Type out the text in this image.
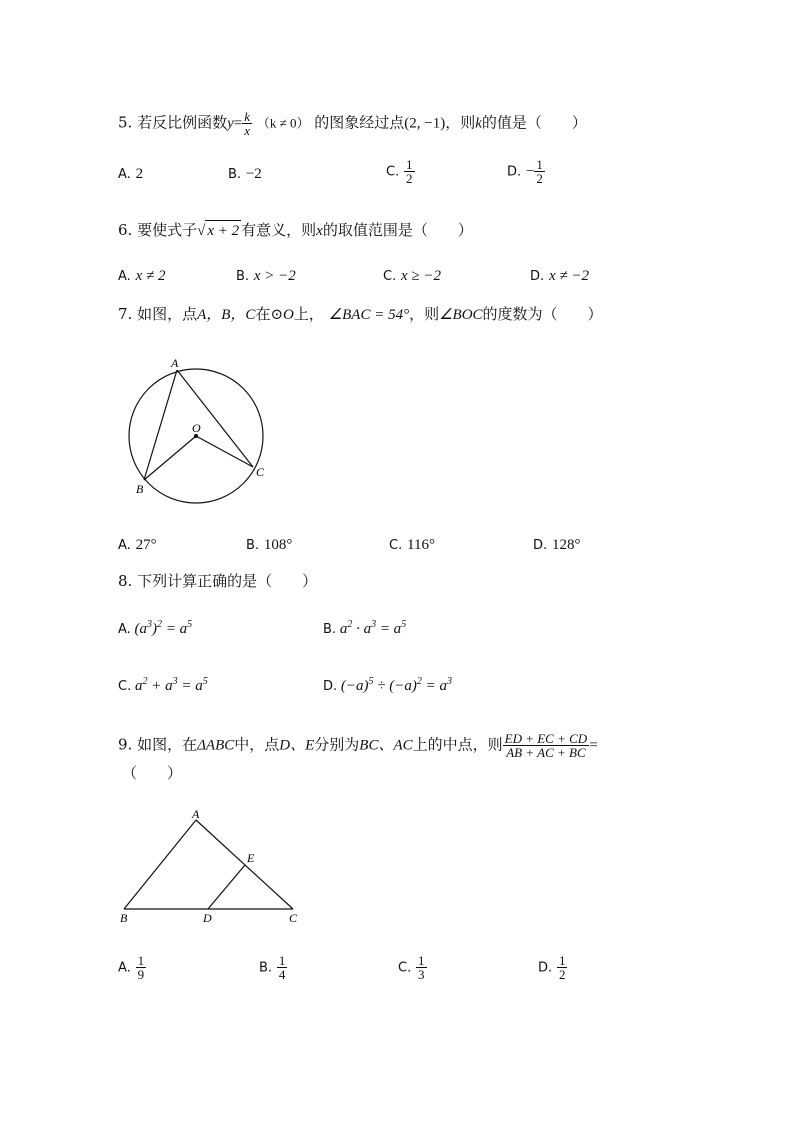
5. 若反比例函数$y= \frac{k}{x} (k \ne 0)$ 的图象经过点(2, −1)，则k的值是（　　）
A. 2	B. −2	C. $\frac{1}{2}$	D. − $\frac{1}{2}$
6. 要使式子√ x + 2 有意义，则x的取值范围是（　　）
A. x ≠ 2	B. x > −2	C. x ≥ −2	D. x ≠ −2
7. 如图，点A，B，C在⊙O上， ∠BAC = 54°，则∠BOC的度数为（　　）
A
O
B
C
A. 27°	B. 108°	C. 116°	D. 128°
8. 下列计算正确的是（　　）
A. $(a^3)^2 = a^5$	B. $a^2 \cdot a^3 = a^5$
C. $a^2 + a^3 = a^5$	D. $(-a)^5 \div (-a)^2 = a^3$
9. 如图，在ΔABC中，点D、E分别为BC、AC上的中点，则 $\frac{ED + EC + CD}{AB + AC + BC}$ =
（　　）
A
E
B	D	C
A. $\frac{1}{9}$	B. $\frac{1}{4}$	C. $\frac{1}{3}$	D. $\frac{1}{2}$
